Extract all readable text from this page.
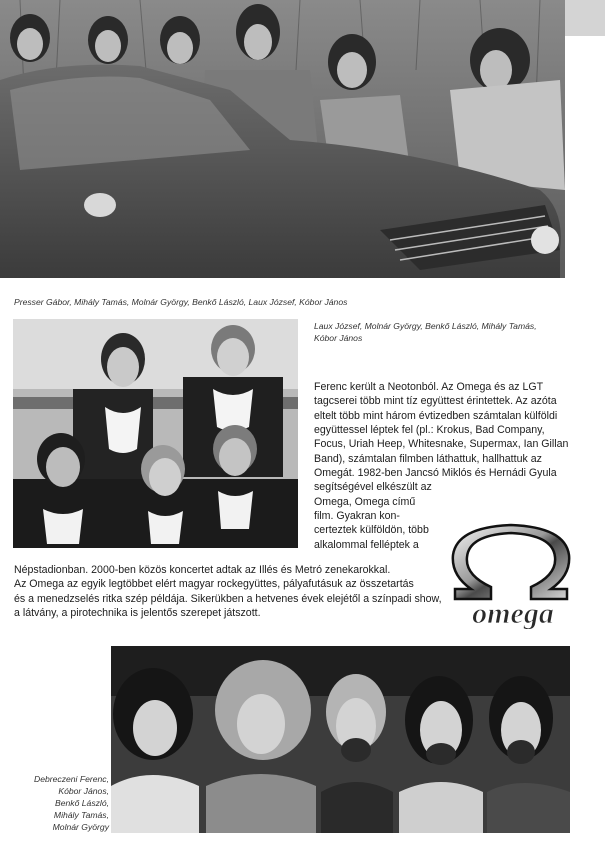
Presser Gábor, Mihály Tamás, Molnár György, Benkő László, Laux József, Kóbor János

Laux József, Molnár György, Benkő László, Mihály Tamás,
Kóbor János

Ferenc került a Neotonból. Az Omega és az LGT

tagcserei több mint tíz együttest érintettek. Az azóta

eltelt több mint három évtizedben számtalan külföldi

együttessel léptek fel (pl.: Krokus, Bad Company,

Focus, Uriah Heep, Whitesnake, Supermax, Ian Gillan

Band), számtalan filmben láthattuk, hallhattuk az

Omegát. 1982-ben Jancsó Miklós és Hernádi Gyula

segítségével elkészült az

Omega, Omega című

film. Gyakran kon-

certeztek külföldön, több

alkalommal felléptek a

Népstadionban. 2000-ben közös koncertet adtak az Illés és Metró zenekarokkal.

Az Omega az egyik legtöbbet elért magyar rockegyüttes, pályafutásuk az összetartás

és a menedzselés ritka szép példája. Sikerükben a hetvenes évek elejétől a színpadi show,

a látvány, a pirotechnika is jelentős szerepet játszott.	omega

Debreczeni Ferenc,
Kóbor János,
Benkő László,
Mihály Tamás,
Molnár György
